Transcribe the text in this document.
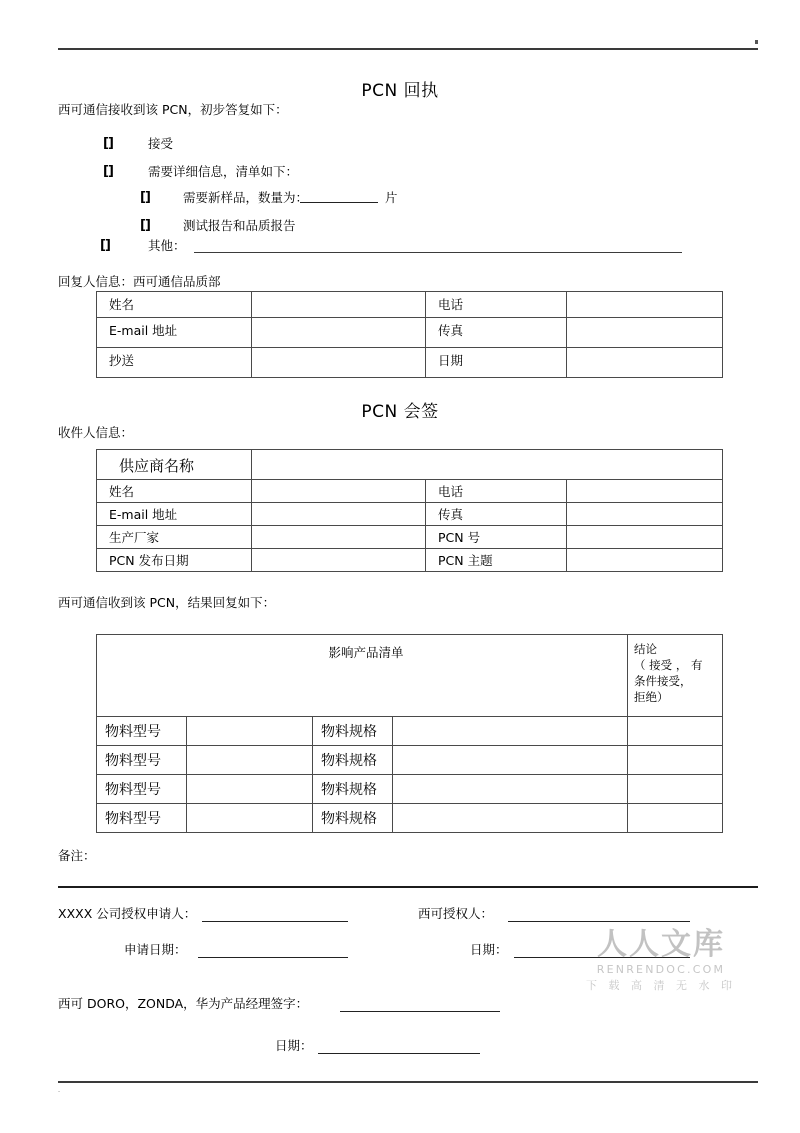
PCN 回执
西可通信接收到该 PCN，初步答复如下：
[]	接受
[]	需要详细信息，清单如下：
[]	需要新样品，数量为：	片
[]	测试报告和品质报告
[]	其他：
回复人信息：西可通信品质部
姓名		电话	
E-mail 地址		传真	
抄送		日期	
PCN 会签
收件人信息：
供应商名称			
姓名		电话	
E-mail 地址		传真	
生产厂家		PCN 号	
PCN 发布日期		PCN 主题	
西可通信收到该 PCN，结果回复如下：
影响产品清单				结论
（ 接受 ， 有
条件接受，
拒绝）

物料型号		物料规格		
物料型号		物料规格		
物料型号		物料规格		
物料型号		物料规格		
备注：
XXXX 公司授权申请人：	西可授权人：
申请日期：	日期：	人人文库
RENRENDOC.COM
下 载 高 清 无 水 印
西可 DORO，ZONDA，华为产品经理签字：
日期：
··
